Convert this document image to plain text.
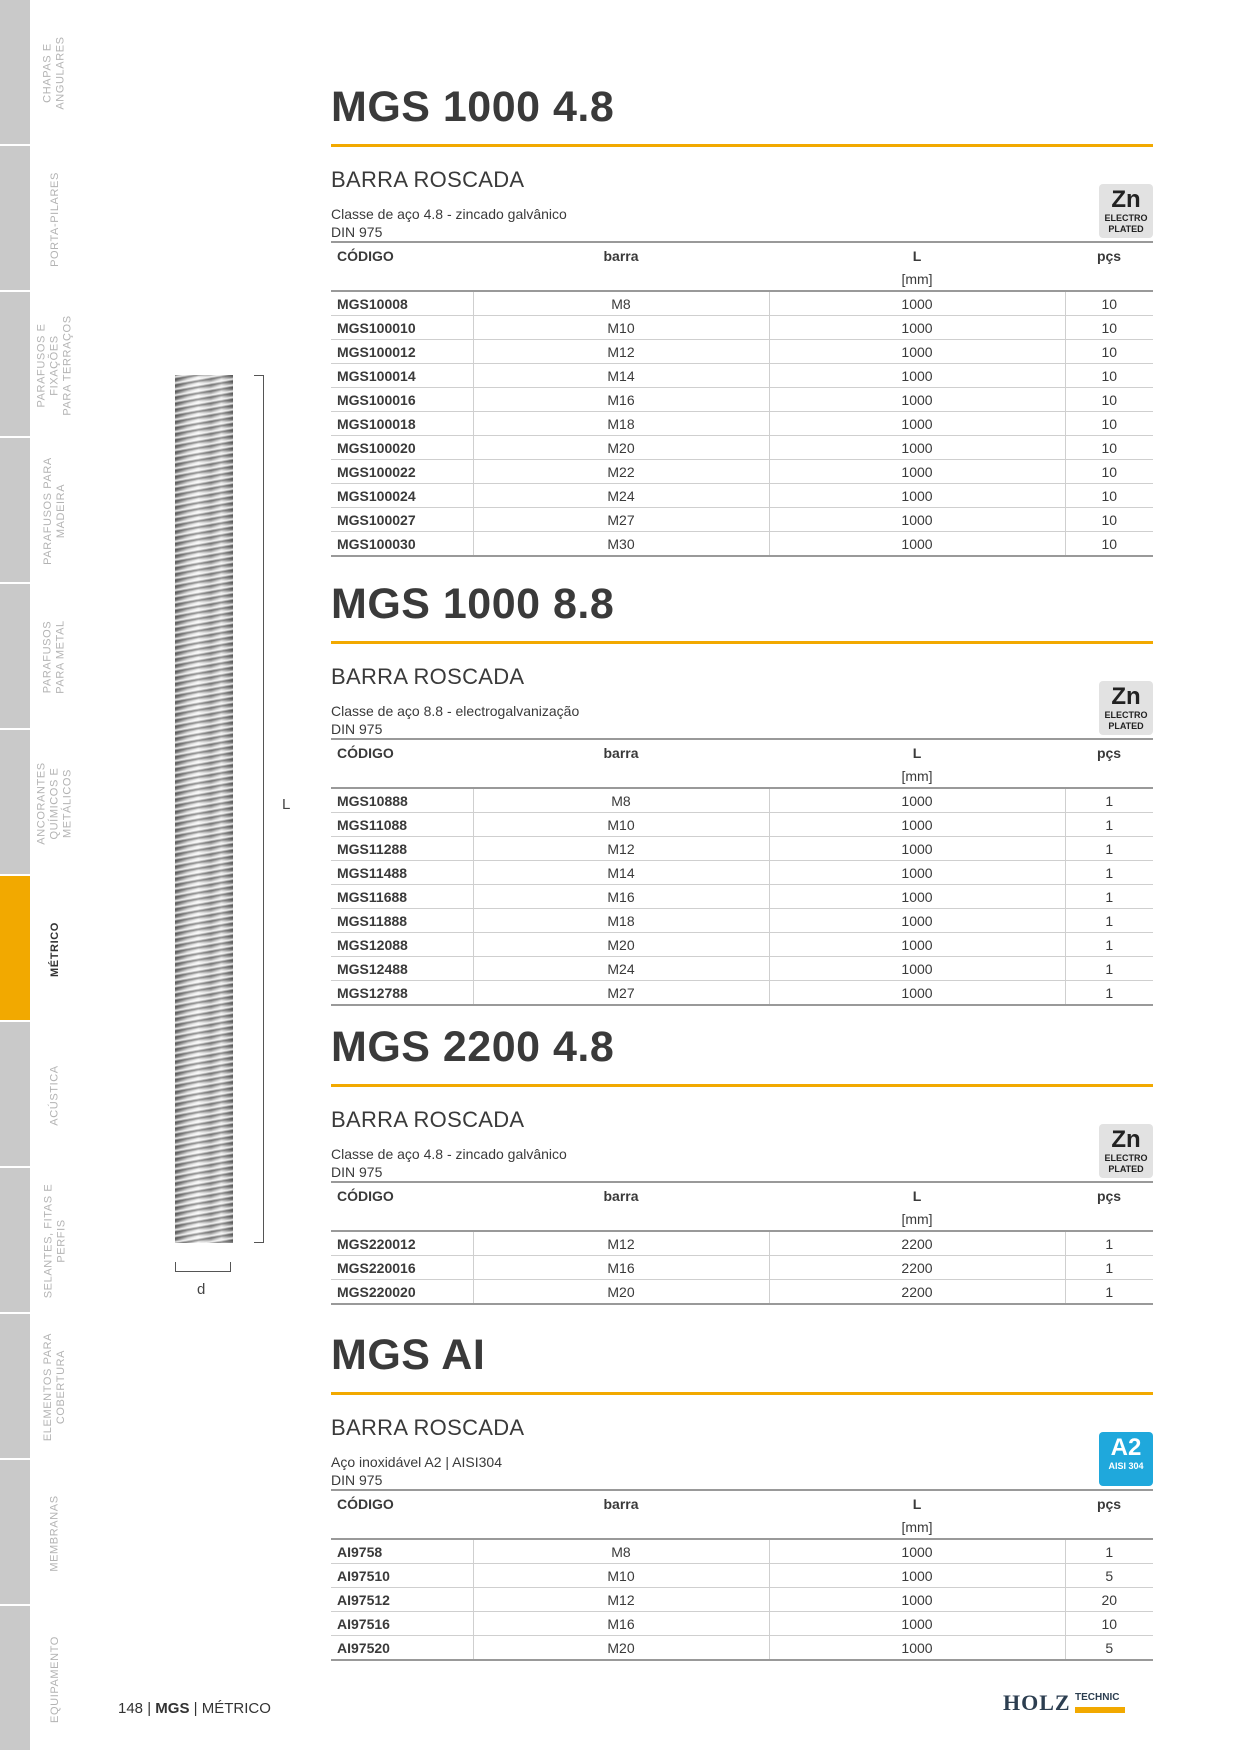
L
d
MGS 1000 4.8
BARRA ROSCADA
Zn
ELECTRO
PLATED
Classe de aço 4.8 - zincado galvânico
DIN 975
CÓDIGO	barra	L	pçs
		[mm]	
MGS10008	M8	1000	10
MGS100010	M10	1000	10
MGS100012	M12	1000	10
MGS100014	M14	1000	10
MGS100016	M16	1000	10
MGS100018	M18	1000	10
MGS100020	M20	1000	10
MGS100022	M22	1000	10
MGS100024	M24	1000	10
MGS100027	M27	1000	10
MGS100030	M30	1000	10
MGS 1000 8.8
BARRA ROSCADA
Zn
ELECTRO
PLATED
Classe de aço 8.8 - electrogalvanização
DIN 975
CÓDIGO	barra	L	pçs
		[mm]	
MGS10888	M8	1000	1
MGS11088	M10	1000	1
MGS11288	M12	1000	1
MGS11488	M14	1000	1
MGS11688	M16	1000	1
MGS11888	M18	1000	1
MGS12088	M20	1000	1
MGS12488	M24	1000	1
MGS12788	M27	1000	1
MGS 2200 4.8
BARRA ROSCADA
Zn
ELECTRO
PLATED
Classe de aço 4.8 - zincado galvânico
DIN 975
CÓDIGO	barra	L	pçs
		[mm]	
MGS220012	M12	2200	1
MGS220016	M16	2200	1
MGS220020	M20	2200	1
MGS AI
BARRA ROSCADA
A2
AISI 304
Aço inoxidável A2 | AISI304
DIN 975
CÓDIGO	barra	L	pçs
		[mm]	
AI9758	M8	1000	1
AI97510	M10	1000	5
AI97512	M12	1000	20
AI97516	M16	1000	10
AI97520	M20	1000	5
148 | MGS | MÉTRICO	HOLZ TECHNIC
CHAPAS E
ANGULARES
PORTA-PILARES
PARAFUSOS E
FIXAÇÕES
PARA TERRAÇOS
PARAFUSOS PARA
MADEIRA
PARAFUSOS
PARA METAL
ANCORANTES
QUÍMICOS E
METÁLICOS
MÉTRICO
ACÚSTICA
SELANTES, FITAS E
PERFIS
ELEMENTOS PARA
COBERTURA
MEMBRANAS
EQUIPAMENTO
